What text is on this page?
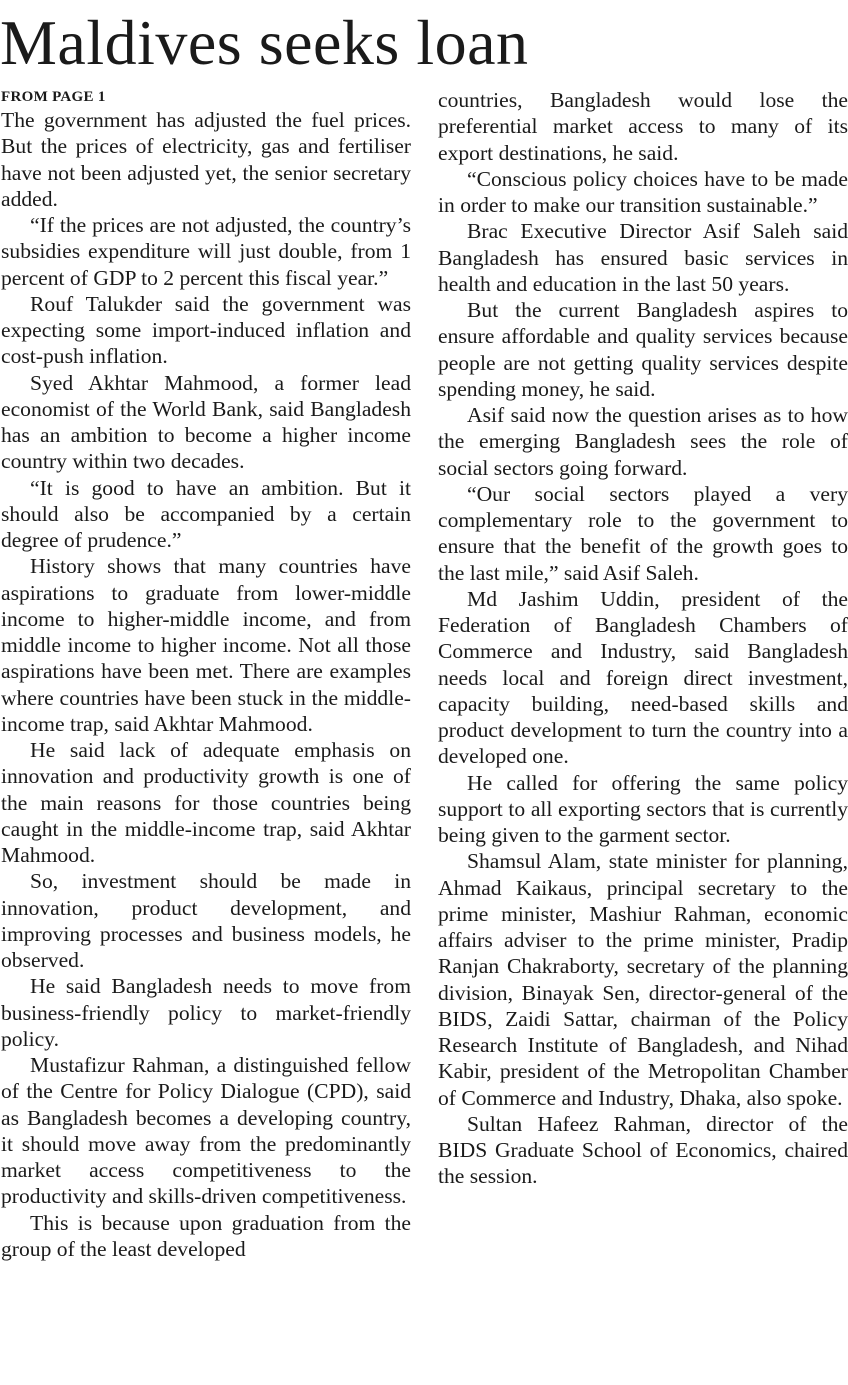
Maldives seeks loan
FROM PAGE 1

The government has adjusted the fuel prices. But the prices of electricity, gas and fertiliser have not been adjusted yet, the senior secretary added.

“If the prices are not adjusted, the country’s subsidies expenditure will just double, from 1 percent of GDP to 2 percent this fiscal year.”

Rouf Talukder said the government was expecting some import-induced inflation and cost-push inflation.

Syed Akhtar Mahmood, a former lead economist of the World Bank, said Bangladesh has an ambition to become a higher income country within two decades.

“It is good to have an ambition. But it should also be accompanied by a certain degree of prudence.”

History shows that many countries have aspirations to graduate from lower-middle income to higher-middle income, and from middle income to higher income. Not all those aspirations have been met. There are examples where countries have been stuck in the middle-income trap, said Akhtar Mahmood.

He said lack of adequate emphasis on innovation and productivity growth is one of the main reasons for those countries being caught in the middle-income trap, said Akhtar Mahmood.

So, investment should be made in innovation, product development, and improving processes and business models, he observed.

He said Bangladesh needs to move from business-friendly policy to market-friendly policy.

Mustafizur Rahman, a distinguished fellow of the Centre for Policy Dialogue (CPD), said as Bangladesh becomes a developing country, it should move away from the predominantly market access competitiveness to the productivity and skills-driven competitiveness.

This is because upon graduation from the group of the least developed

countries, Bangladesh would lose the preferential market access to many of its export destinations, he said.

“Conscious policy choices have to be made in order to make our transition sustainable.”

Brac Executive Director Asif Saleh said Bangladesh has ensured basic services in health and education in the last 50 years.

But the current Bangladesh aspires to ensure affordable and quality services because people are not getting quality services despite spending money, he said.

Asif said now the question arises as to how the emerging Bangladesh sees the role of social sectors going forward.

“Our social sectors played a very complementary role to the government to ensure that the benefit of the growth goes to the last mile,” said Asif Saleh.

Md Jashim Uddin, president of the Federation of Bangladesh Chambers of Commerce and Industry, said Bangladesh needs local and foreign direct investment, capacity building, need-based skills and product development to turn the country into a developed one.

He called for offering the same policy support to all exporting sectors that is currently being given to the garment sector.

Shamsul Alam, state minister for planning, Ahmad Kaikaus, principal secretary to the prime minister, Mashiur Rahman, economic affairs adviser to the prime minister, Pradip Ranjan Chakraborty, secretary of the planning division, Binayak Sen, director-general of the BIDS, Zaidi Sattar, chairman of the Policy Research Institute of Bangladesh, and Nihad Kabir, president of the Metropolitan Chamber of Commerce and Industry, Dhaka, also spoke.

Sultan Hafeez Rahman, director of the BIDS Graduate School of Economics, chaired the session.
